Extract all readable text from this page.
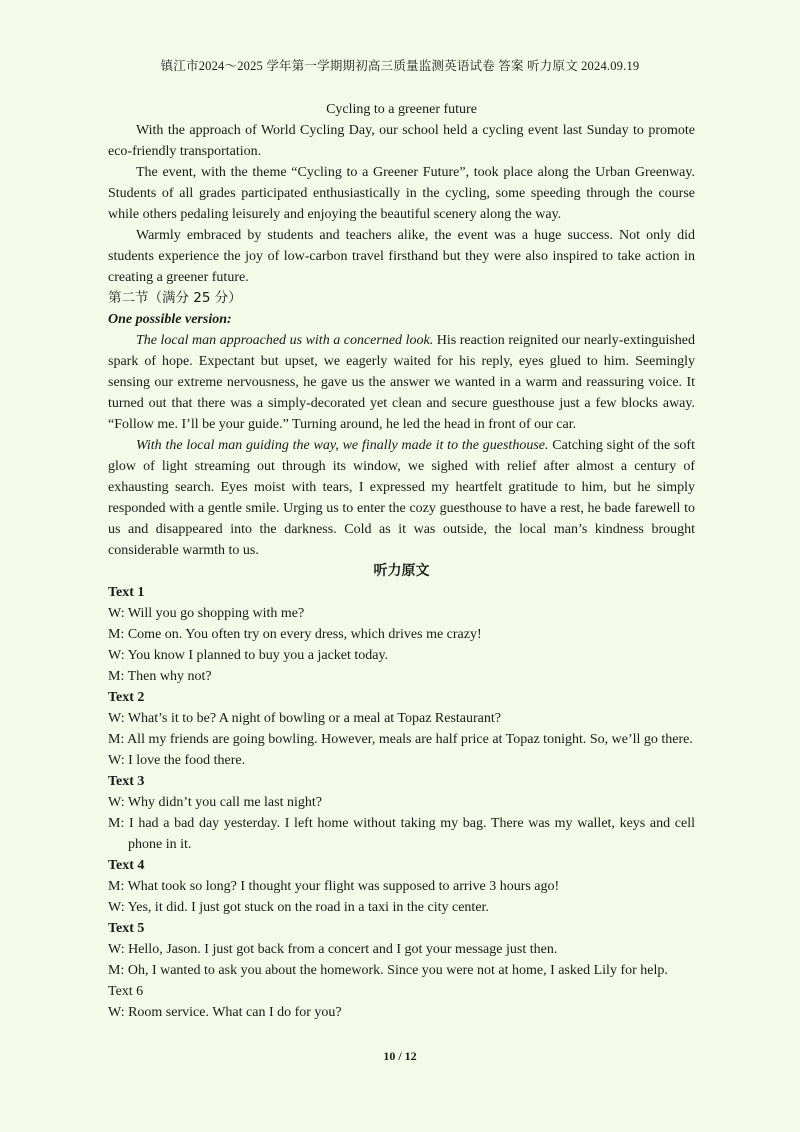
镇江市2024～2025 学年第一学期期初高三质量监测英语试卷 答案 听力原文 2024.09.19

Cycling to a greener future

With the approach of World Cycling Day, our school held a cycling event last Sunday to promote eco-friendly transportation.

The event, with the theme “Cycling to a Greener Future”, took place along the Urban Greenway. Students of all grades participated enthusiastically in the cycling, some speeding through the course while others pedaling leisurely and enjoying the beautiful scenery along the way.

Warmly embraced by students and teachers alike, the event was a huge success. Not only did students experience the joy of low-carbon travel firsthand but they were also inspired to take action in creating a greener future.

第二节（满分 25 分）

One possible version:

The local man approached us with a concerned look. His reaction reignited our nearly-extinguished spark of hope. Expectant but upset, we eagerly waited for his reply, eyes glued to him. Seemingly sensing our extreme nervousness, he gave us the answer we wanted in a warm and reassuring voice. It turned out that there was a simply-decorated yet clean and secure guesthouse just a few blocks away. “Follow me. I’ll be your guide.” Turning around, he led the head in front of our car.

With the local man guiding the way, we finally made it to the guesthouse. Catching sight of the soft glow of light streaming out through its window, we sighed with relief after almost a century of exhausting search. Eyes moist with tears, I expressed my heartfelt gratitude to him, but he simply responded with a gentle smile. Urging us to enter the cozy guesthouse to have a rest, he bade farewell to us and disappeared into the darkness. Cold as it was outside, the local man’s kindness brought considerable warmth to us.

听力原文

Text 1

W: Will you go shopping with me?

M: Come on. You often try on every dress, which drives me crazy!

W: You know I planned to buy you a jacket today.

M: Then why not?

Text 2

W: What’s it to be? A night of bowling or a meal at Topaz Restaurant?

M: All my friends are going bowling. However, meals are half price at Topaz tonight. So, we’ll go there.

W: I love the food there.

Text 3

W: Why didn’t you call me last night?

M: I had a bad day yesterday. I left home without taking my bag. There was my wallet, keys and cell phone in it.

Text 4

M: What took so long? I thought your flight was supposed to arrive 3 hours ago!

W: Yes, it did. I just got stuck on the road in a taxi in the city center.

Text 5

W: Hello, Jason. I just got back from a concert and I got your message just then.

M: Oh, I wanted to ask you about the homework. Since you were not at home, I asked Lily for help.

Text 6

W: Room service. What can I do for you?

10 / 12
